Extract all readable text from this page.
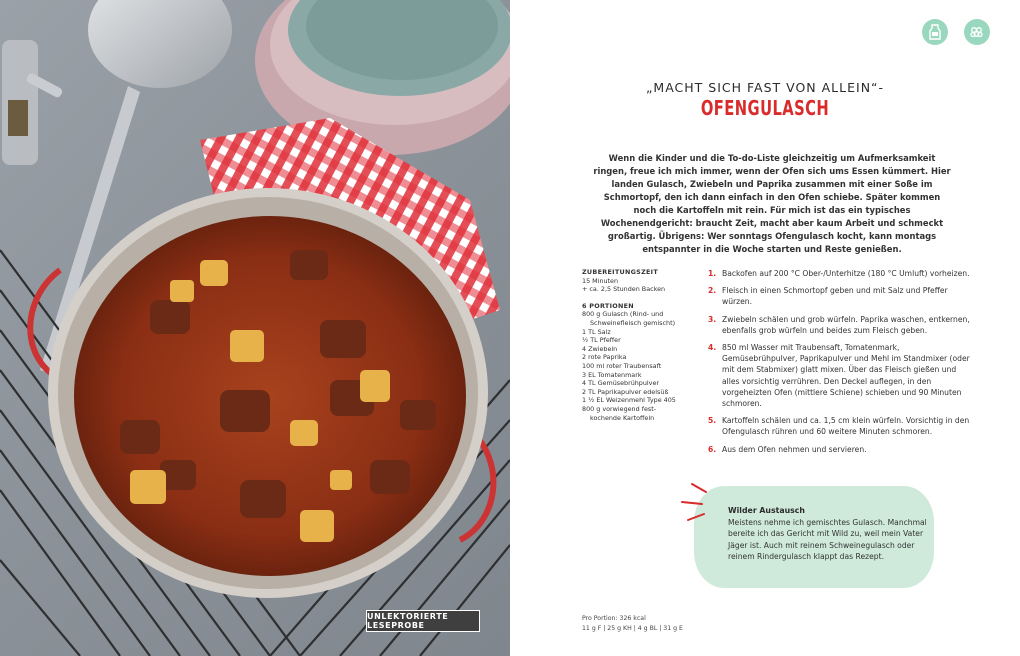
UNLEKTORIERTE LESEPROBE
„MACHT SICH FAST VON ALLEIN“-
OFENGULASCH
Wenn die Kinder und die To-do-Liste gleichzeitig um Aufmerksamkeit ringen, freue ich mich immer, wenn der Ofen sich ums Essen kümmert. Hier landen Gulasch, Zwiebeln und Paprika zusammen mit einer Soße im Schmortopf, den ich dann einfach in den Ofen schiebe. Später kommen noch die Kartoffeln mit rein. Für mich ist das ein typisches Wochenendgericht: braucht Zeit, macht aber kaum Arbeit und schmeckt großartig. Übrigens: Wer sonntags Ofengulasch kocht, kann montags entspannter in die Woche starten und Reste genießen.
ZUBEREITUNGSZEIT
15 Minuten
+ ca. 2,5 Stunden Backen
6 PORTIONEN
800 g Gulasch (Rind- und
Schweinefleisch gemischt)
1 TL Salz
½ TL Pfeffer
4 Zwiebeln
2 rote Paprika
100 ml roter Traubensaft
3 EL Tomatenmark
4 TL Gemüsebrühpulver
2 TL Paprikapulver edelsüß
1 ½ EL Weizenmehl Type 405
800 g vorwiegend fest-
kochende Kartoffeln
1. Backofen auf 200 °C Ober-/Unterhitze (180 °C Umluft) vorheizen.
2. Fleisch in einen Schmortopf geben und mit Salz und Pfeffer würzen.
3. Zwiebeln schälen und grob würfeln. Paprika waschen, entkernen, ebenfalls grob würfeln und beides zum Fleisch geben.
4. 850 ml Wasser mit Traubensaft, Tomatenmark, Gemüsebrühpulver, Paprikapulver und Mehl im Standmixer (oder mit dem Stabmixer) glatt mixen. Über das Fleisch gießen und alles vorsichtig verrühren. Den Deckel auflegen, in den vorgeheizten Ofen (mittlere Schiene) schieben und 90 Minuten schmoren.
5. Kartoffeln schälen und ca. 1,5 cm klein würfeln. Vorsichtig in den Ofengulasch rühren und 60 weitere Minuten schmoren.
6. Aus dem Ofen nehmen und servieren.
Wilder Austausch
Meistens nehme ich gemischtes Gulasch. Manchmal bereite ich das Gericht mit Wild zu, weil mein Vater Jäger ist. Auch mit reinem Schweinegulasch oder reinem Rindergulasch klappt das Rezept.
Pro Portion: 326 kcal
11 g F | 25 g KH | 4 g BL | 31 g E
